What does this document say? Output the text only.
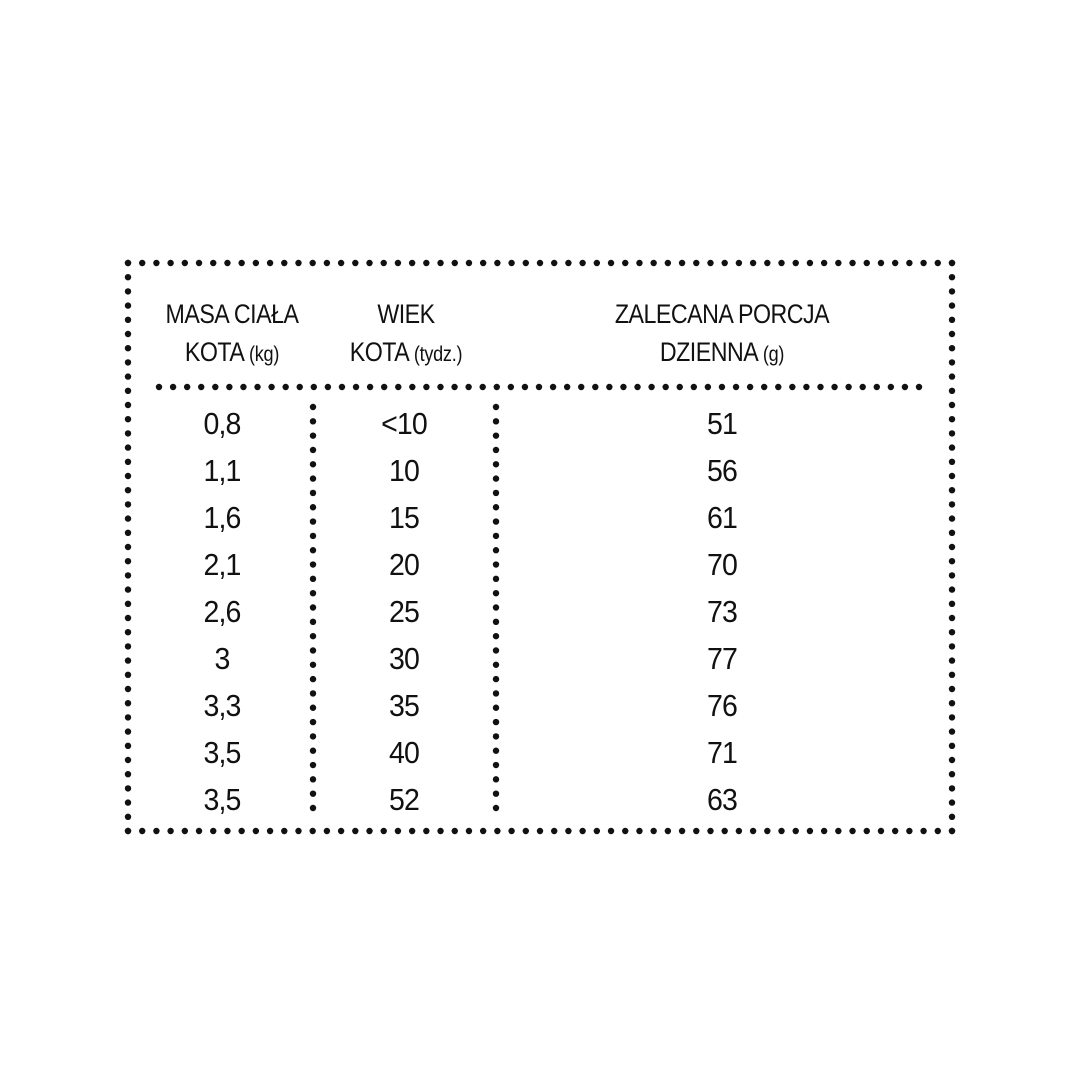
MASA CIAŁA
KOTA (kg)
WIEK
KOTA (tydz.)
ZALECANA PORCJA
DZIENNA (g)
0,8
1,1
1,6
2,1
2,6
3
3,3
3,5
3,5
<10
10
15
20
25
30
35
40
52
51
56
61
70
73
77
76
71
63
